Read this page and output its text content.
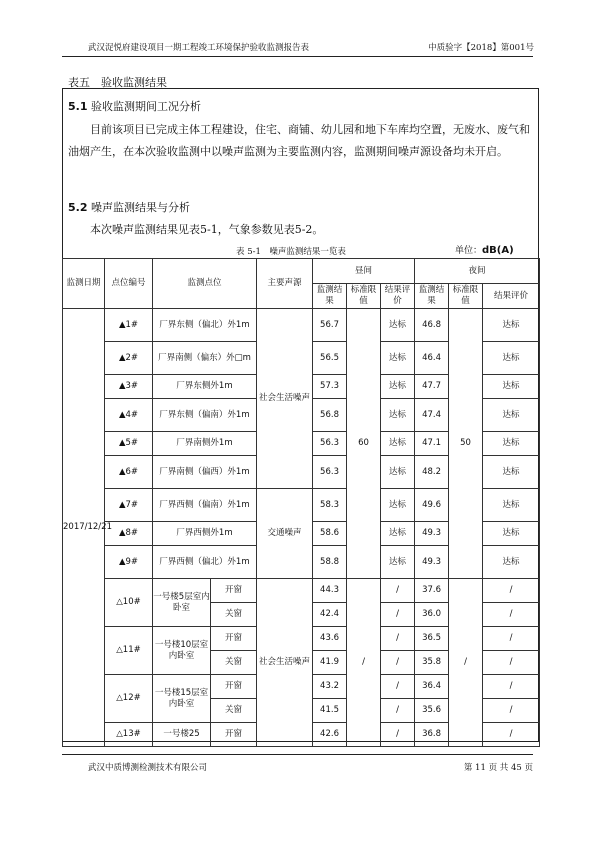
武汉浞悦府建设项目一期工程竣工环境保护验收监测报告表	中质验字【2018】第001号
表五　验收监测结果
5.1 验收监测期间工况分析

目前该项目已完成主体工程建设，住宅、商铺、幼儿园和地下车库均空置，无废水、废气和油烟产生，在本次验收监测中以噪声监测为主要监测内容，监测期间噪声源设备均未开启。

5.2 噪声监测结果与分析
本次噪声监测结果见表5-1，气象参数见表5-2。
表 5-1　噪声监测结果一览表	单位：dB(A)
监测日期	点位编号	监测点位		主要声源	昼间			夜间		
					监测结果	标准限值	结果评价	监测结果	标准限值	结果评价
2017/12/21	▲1#	厂界东侧（偏北）外1m		社会生活噪声	56.7	60	达标	46.8	50	达标
	▲2#	厂界南侧（偏东）外□m			56.5		达标	46.4		达标
	▲3#	厂界东侧外1m			57.3		达标	47.7		达标
	▲4#	厂界东侧（偏南）外1m			56.8		达标	47.4		达标
	▲5#	厂界南侧外1m			56.3		达标	47.1		达标
	▲6#	厂界南侧（偏西）外1m			56.3		达标	48.2		达标
	▲7#	厂界西侧（偏南）外1m		交通噪声	58.3		达标	49.6		达标
	▲8#	厂界西侧外1m			58.6		达标	49.3		达标
	▲9#	厂界西侧（偏北）外1m			58.8		达标	49.3		达标
	△10#	一号楼5层室内卧室	开窗	社会生活噪声	44.3	/	/	37.6	/	/
			关窗		42.4		/	36.0		/
	△11#	一号楼10层室内卧室	开窗		43.6		/	36.5		/
			关窗		41.9		/	35.8		/
	△12#	一号楼15层室内卧室	开窗		43.2		/	36.4		/
			关窗		41.5		/	35.6		/
	△13#	一号楼25	开窗		42.6		/	36.8		/
武汉中质博测检测技术有限公司	第 11 页 共 45 页
